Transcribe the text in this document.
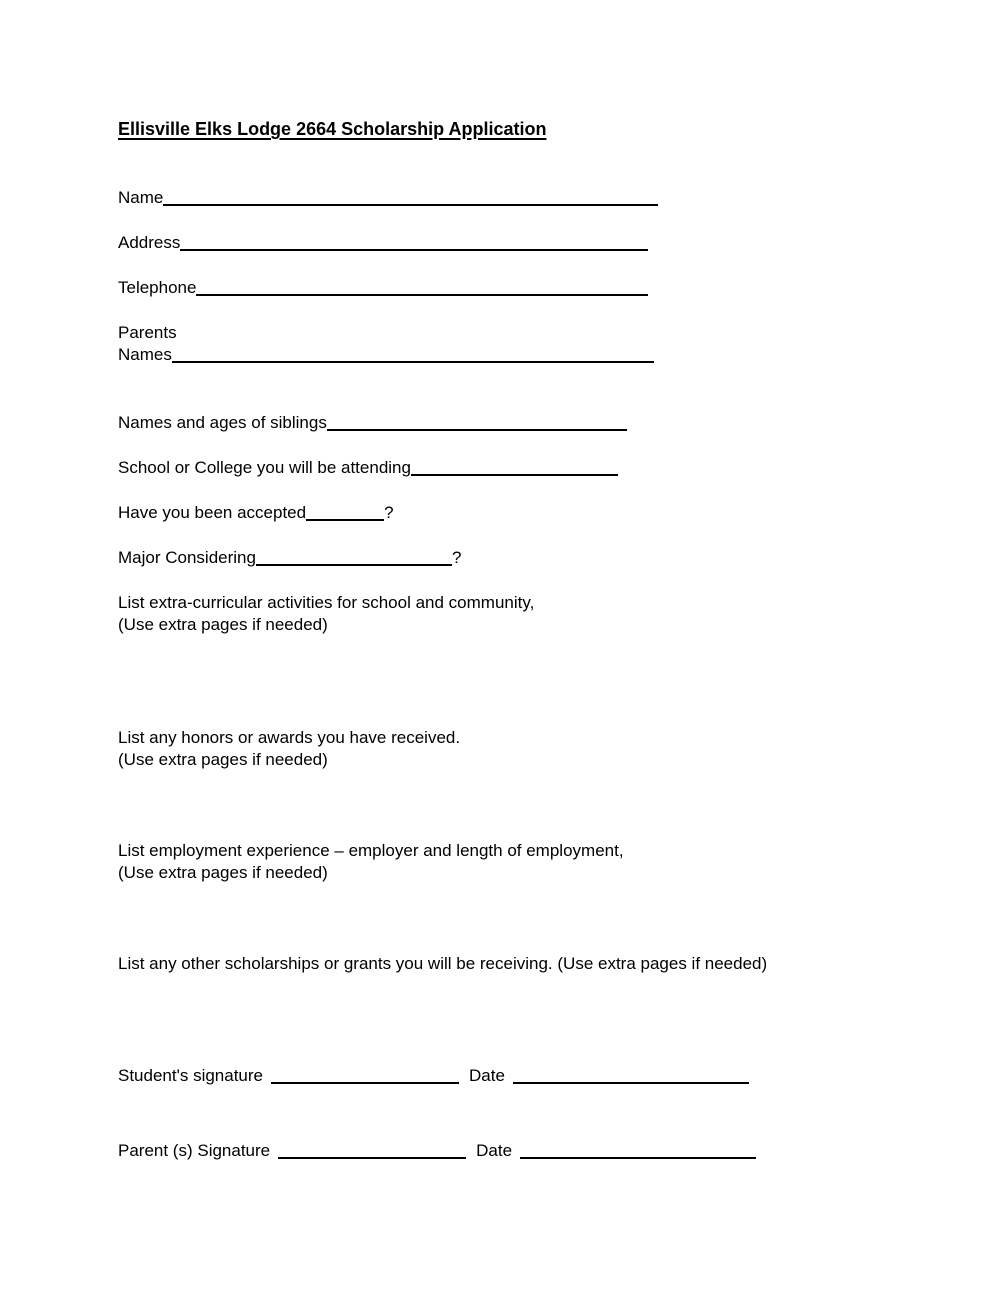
Ellisville Elks Lodge 2664 Scholarship Application
Name
Address
Telephone
Parents
Names
Names and ages of siblings
School or College you will be attending
Have you been accepted	?
Major Considering	?
List extra-curricular activities for school and community,
(Use extra pages if needed)
List any honors or awards you have received.
(Use extra pages if needed)
List employment experience – employer and length of employment,
(Use extra pages if needed)
List any other scholarships or grants you will be receiving. (Use extra pages if needed)
Student's signature	Date
Parent (s) Signature	Date
